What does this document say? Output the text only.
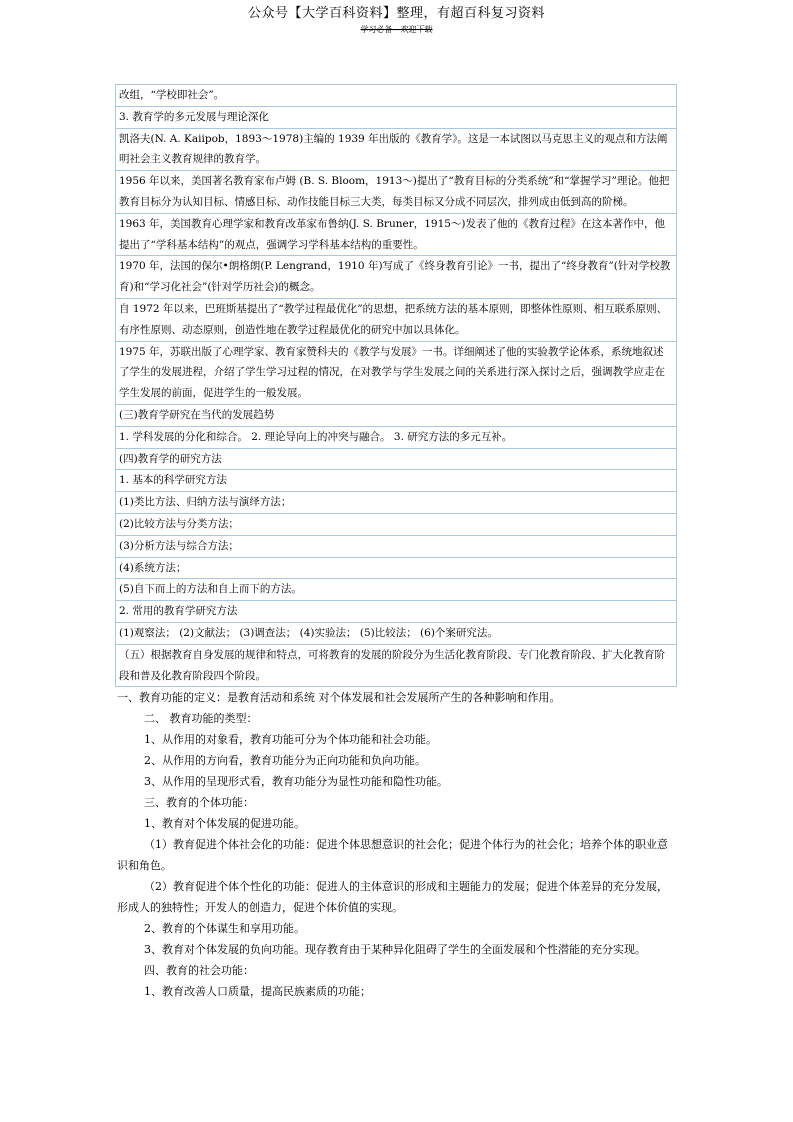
公众号【大学百科资料】整理，有超百科复习资料
学习必备---欢迎下载
改组，“学校即社会”。
3. 教育学的多元发展与理论深化
凯洛夫(N. A. Kaiipob，1893～1978)主编的 1939 年出版的《教育学》。这是一本试图以马克思主义的观点和方法阐明社会主义教育规律的教育学。
1956 年以来，美国著名教育家布卢姆 (B. S. Bloom，1913～)提出了“教育目标的分类系统”和“掌握学习”理论。他把教育目标分为认知目标、情感目标、动作技能目标三大类，每类目标又分成不同层次，排列成由低到高的阶梯。
1963 年，美国教育心理学家和教育改革家布鲁纳(J. S. Bruner，1915～)发表了他的《教育过程》在这本著作中，他提出了“学科基本结构”的观点，强调学习学科基本结构的重要性。
1970 年，法国的保尔•朗格朗(P. Lengrand，1910 年)写成了《终身教育引论》一书，提出了“终身教育”(针对学校教育)和“学习化社会”(针对学历社会)的概念。
自 1972 年以来，巴班斯基提出了“教学过程最优化”的思想，把系统方法的基本原则，即整体性原则、相互联系原则、有序性原则、动态原则，创造性地在教学过程最优化的研究中加以具体化。
1975 年，苏联出版了心理学家、教育家赞科夫的《教学与发展》一书。详细阐述了他的实验教学论体系，系统地叙述了学生的发展进程，介绍了学生学习过程的情况，在对教学与学生发展之间的关系进行深入探讨之后，强调教学应走在学生发展的前面，促进学生的一般发展。
(三)教育学研究在当代的发展趋势
1. 学科发展的分化和综合。 2. 理论导向上的冲突与融合。 3. 研究方法的多元互补。
(四)教育学的研究方法
1. 基本的科学研究方法
(1)类比方法、归纳方法与演绎方法；
(2)比较方法与分类方法；
(3)分析方法与综合方法；
(4)系统方法；
(5)自下而上的方法和自上而下的方法。
2. 常用的教育学研究方法
(1)观察法； (2)文献法； (3)调查法； (4)实验法； (5)比较法； (6)个案研究法。
（五）根据教育自身发展的规律和特点，可将教育的发展的阶段分为生活化教育阶段、专门化教育阶段、扩大化教育阶段和普及化教育阶段四个阶段。

一、教育功能的定义：是教育活动和系统 对个体发展和社会发展所产生的各种影响和作用。

二、 教育功能的类型：

1、从作用的对象看，教育功能可分为个体功能和社会功能。

2、从作用的方向看，教育功能分为正向功能和负向功能。

3、从作用的呈现形式看，教育功能分为显性功能和隐性功能。

三、教育的个体功能：

1、教育对个体发展的促进功能。

（1）教育促进个体社会化的功能：促进个体思想意识的社会化；促进个体行为的社会化；培养个体的职业意识和角色。

（2）教育促进个体个性化的功能：促进人的主体意识的形成和主题能力的发展；促进个体差异的充分发展，形成人的独特性；开发人的创造力，促进个体价值的实现。

2、教育的个体谋生和享用功能。

3、教育对个体发展的负向功能。现存教育由于某种异化阻碍了学生的全面发展和个性潜能的充分实现。

四、教育的社会功能：

1、教育改善人口质量，提高民族素质的功能；
